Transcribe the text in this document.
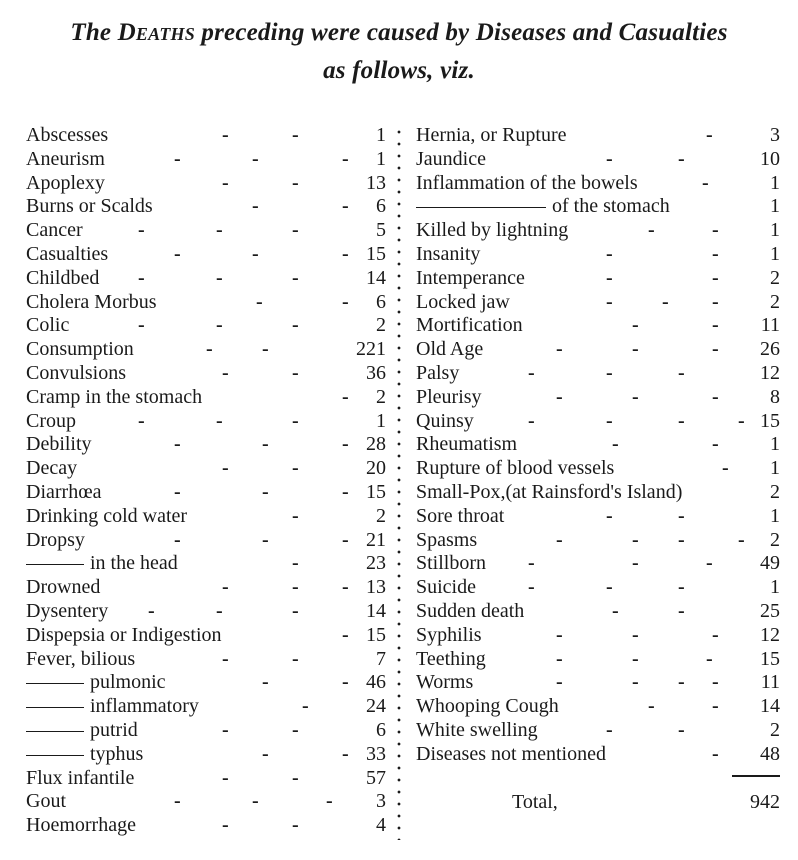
The Deaths preceding were caused by Diseases and Casualties
as follows, viz.
Abscesses	-	-	1
Aneurism	-	-	- 1
Apoplexy	-	-	13
Burns or Scalds	-	- 6
Cancer	-	-	-	5
Casualties	-	-	- 15
Childbed -	-	-	14
Cholera Morbus	-	- 6
Colic	-	-	-	2
Consumption	- -	221
Convulsions	-	-	36
Cramp in the stomach	- 2
Croup	-	-	-	1
Debility	-	-	- 28
Decay	-	-	20
Diarrhœa	-	-	- 15
Drinking cold water	-	2
Dropsy	-	-	- 21
in the head	-	23
Drowned	-	- - 13
Dysentery -	-	-	14
Dispepsia or Indigestion	- 15
Fever, bilious	-	-	7
pulmonic	-	- 46
inflammatory	-	24
putrid	-	-	6
typhus	-	- 33
Flux infantile	-	-	57
Gout	-	-	- 3
Hoemorrhage	-	-	4
Hernia, or Rupture	-	3
Jaundice	-	-	10
Inflammation of the bowels	-	1
of the stomach	1
Killed by lightning	-	-	1
Insanity	-	-	1
Intemperance	-	-	2
Locked jaw	- - -	2
Mortification	-	- 11
Old Age	-	-	- 26
Palsy	-	-	-	12
Pleurisy	-	-	-	8
Quinsy	-	-	-	- 15
Rheumatism	-	-	1
Rupture of blood vessels	- 1
Small-Pox,(at Rainsford's Island)	2
Sore throat	-	-	1
Spasms	-	- -	- 2
Stillborn -	-	- 49
Suicide	-	-	-	1
Sudden death	-	-	25
Syphilis	-	-	- 12
Teething	-	-	- 15
Worms	-	- - - 11
Whooping Cough	-	- 14
White swelling	-	-	2
Diseases not mentioned	- 48
Total,	942
